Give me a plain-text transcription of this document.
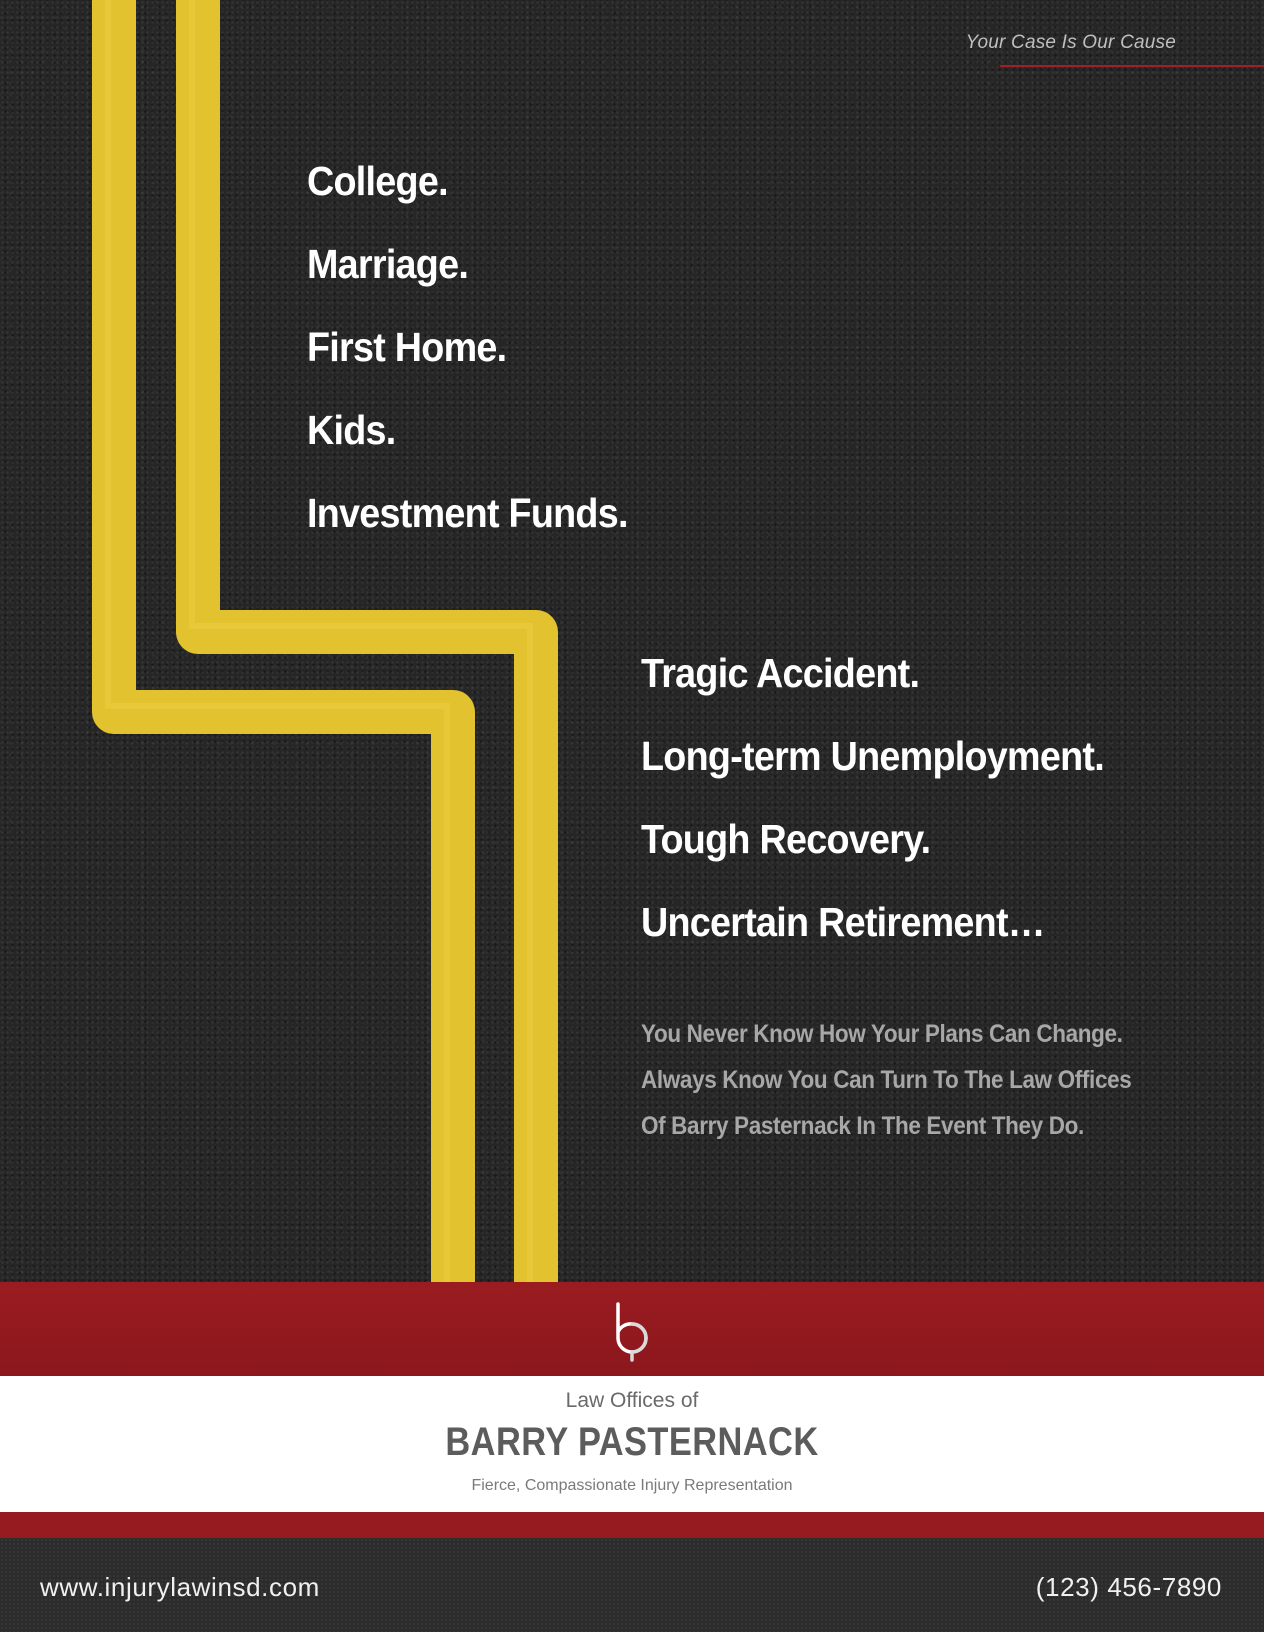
Your Case Is Our Cause
College.
Marriage.
First Home.
Kids.
Investment Funds.
Tragic Accident.
Long-term Unemployment.
Tough Recovery.
Uncertain Retirement…
You Never Know How Your Plans Can Change.
Always Know You Can Turn To The Law Offices
Of Barry Pasternack In The Event They Do.
Law Offices of
BARRY PASTERNACK
Fierce, Compassionate Injury Representation
www.injurylawinsd.com	(123) 456-7890
